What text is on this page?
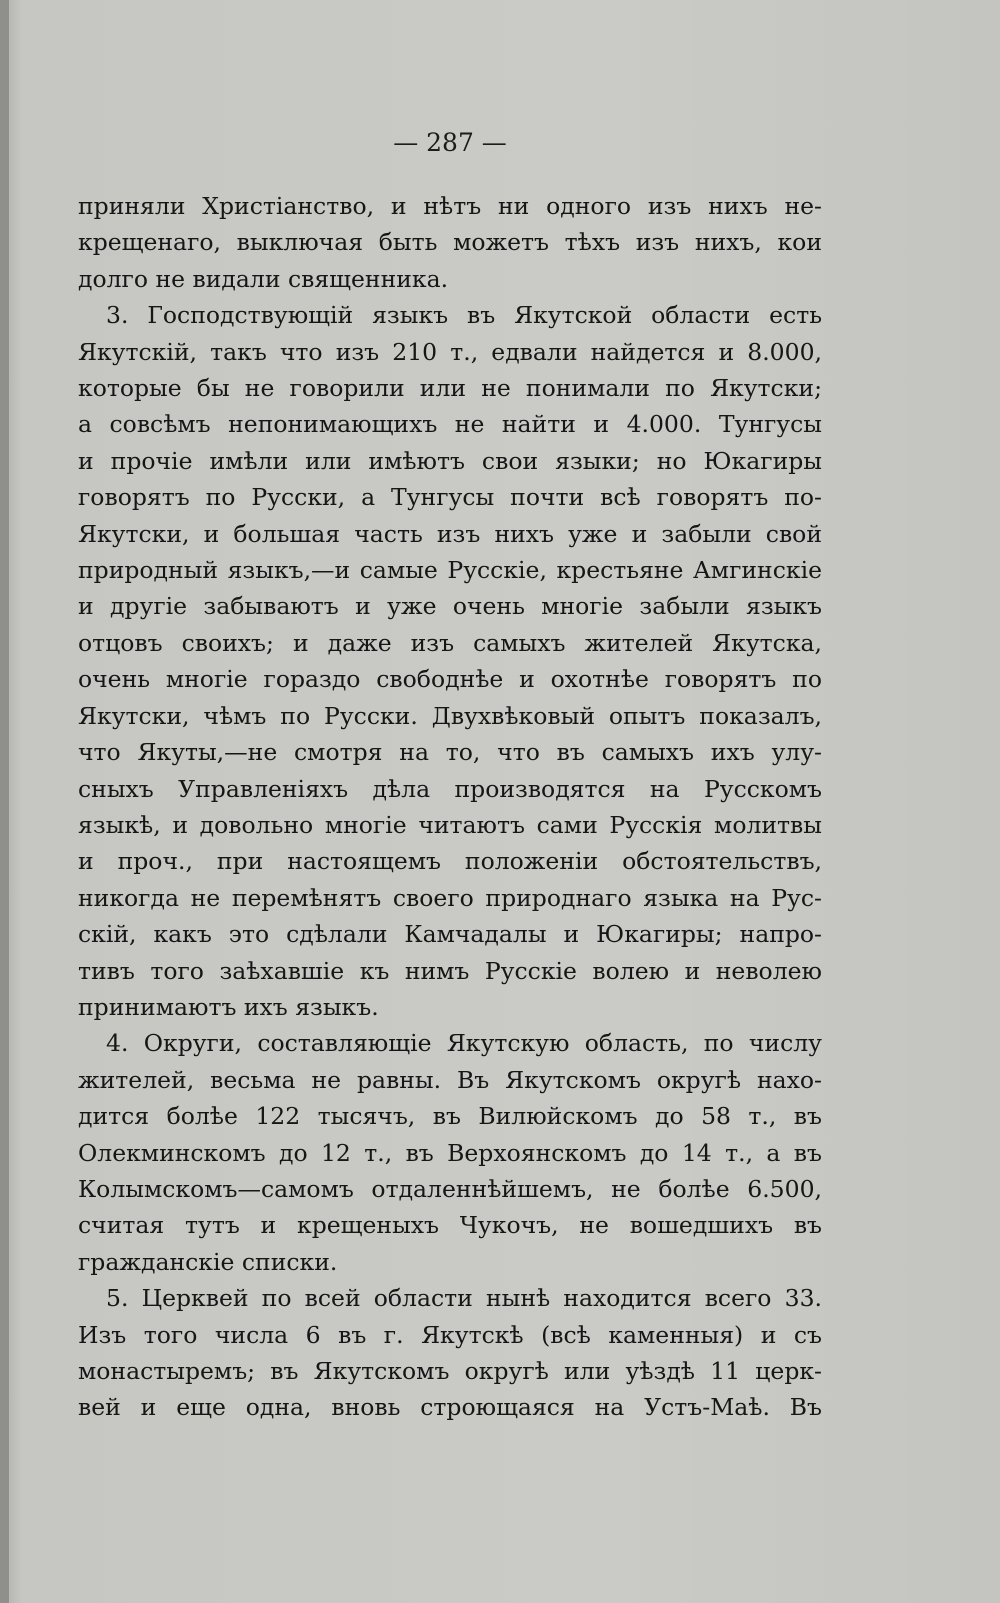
— 287 —
приняли Христіанство, и нѣтъ ни одного изъ нихъ не-
крещенаго, выключая быть можетъ тѣхъ изъ нихъ, кои
долго не видали священника.
3. Господствующій языкъ въ Якутской области есть
Якутскій, такъ что изъ 210 т., едвали найдется и 8.000,
которые бы не говорили или не понимали по Якутски;
а совсѣмъ непонимающихъ не найти и 4.000. Тунгусы
и прочіе имѣли или имѣютъ свои языки; но Юкагиры
говорятъ по Русски, а Тунгусы почти всѣ говорятъ по-
Якутски, и большая часть изъ нихъ уже и забыли свой
природный языкъ,—и самые Русскіе, крестьяне Амгинскіе
и другіе забываютъ и уже очень многіе забыли языкъ
отцовъ своихъ; и даже изъ самыхъ жителей Якутска,
очень многіе гораздо свободнѣе и охотнѣе говорятъ по
Якутски, чѣмъ по Русски. Двухвѣковый опытъ показалъ,
что Якуты,—не смотря на то, что въ самыхъ ихъ улу-
сныхъ Управленіяхъ дѣла производятся на Русскомъ
языкѣ, и довольно многіе читаютъ сами Русскія молитвы
и проч., при настоящемъ положеніи обстоятельствъ,
никогда не перемѣнятъ своего природнаго языка на Рус-
скій, какъ это сдѣлали Камчадалы и Юкагиры; напро-
тивъ того заѣхавшіе къ нимъ Русскіе волею и неволею
принимаютъ ихъ языкъ.
4. Округи, составляющіе Якутскую область, по числу
жителей, весьма не равны. Въ Якутскомъ округѣ нахо-
дится болѣе 122 тысячъ, въ Вилюйскомъ до 58 т., въ
Олекминскомъ до 12 т., въ Верхоянскомъ до 14 т., а въ
Колымскомъ—самомъ отдаленнѣйшемъ, не болѣе 6.500,
считая тутъ и крещеныхъ Чукочъ, не вошедшихъ въ
гражданскіе списки.
5. Церквей по всей области нынѣ находится всего 33.
Изъ того числа 6 въ г. Якутскѣ (всѣ каменныя) и съ
монастыремъ; въ Якутскомъ округѣ или уѣздѣ 11 церк-
вей и еще одна, вновь строющаяся на Устъ-Маѣ. Въ
